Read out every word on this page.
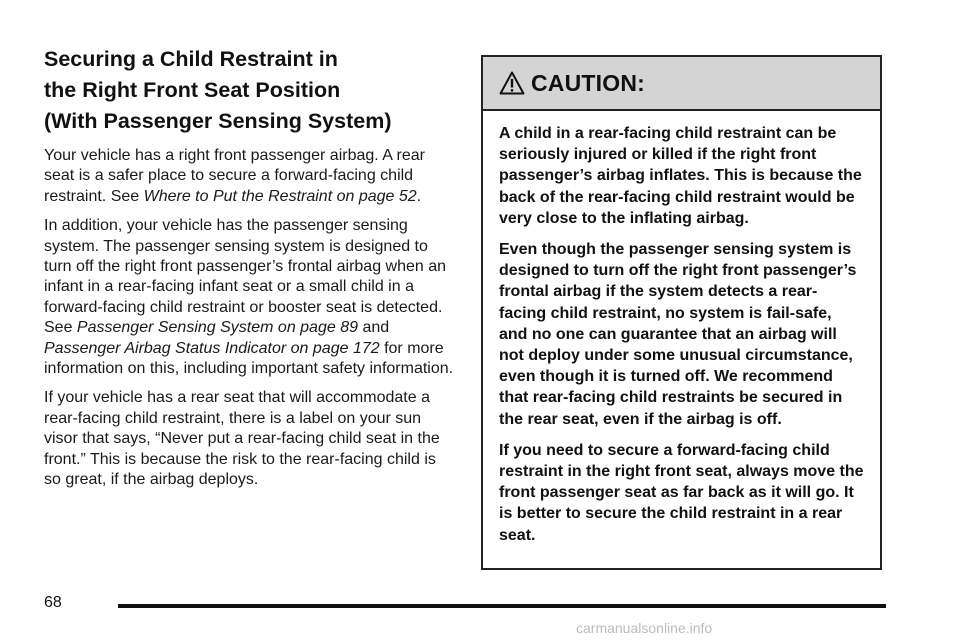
Securing a Child Restraint in
the Right Front Seat Position
(With Passenger Sensing System)

Your vehicle has a right front passenger airbag. A rear seat is a safer place to secure a forward-facing child restraint. See Where to Put the Restraint on page 52.

In addition, your vehicle has the passenger sensing system. The passenger sensing system is designed to turn off the right front passenger’s frontal airbag when an infant in a rear-facing infant seat or a small child in a forward-facing child restraint or booster seat is detected. See Passenger Sensing System on page 89 and Passenger Airbag Status Indicator on page 172 for more information on this, including important safety information.

If your vehicle has a rear seat that will accommodate a rear-facing child restraint, there is a label on your sun visor that says, “Never put a rear-facing child seat in the front.” This is because the risk to the rear-facing child is so great, if the airbag deploys.

CAUTION:

A child in a rear-facing child restraint can be seriously injured or killed if the right front passenger’s airbag inflates. This is because the back of the rear-facing child restraint would be very close to the inflating airbag.

Even though the passenger sensing system is designed to turn off the right front passenger’s frontal airbag if the system detects a rear-facing child restraint, no system is fail-safe, and no one can guarantee that an airbag will not deploy under some unusual circumstance, even though it is turned off. We recommend that rear-facing child restraints be secured in the rear seat, even if the airbag is off.

If you need to secure a forward-facing child restraint in the right front seat, always move the front passenger seat as far back as it will go. It is better to secure the child restraint in a rear seat.

68
carmanualsonline.info
